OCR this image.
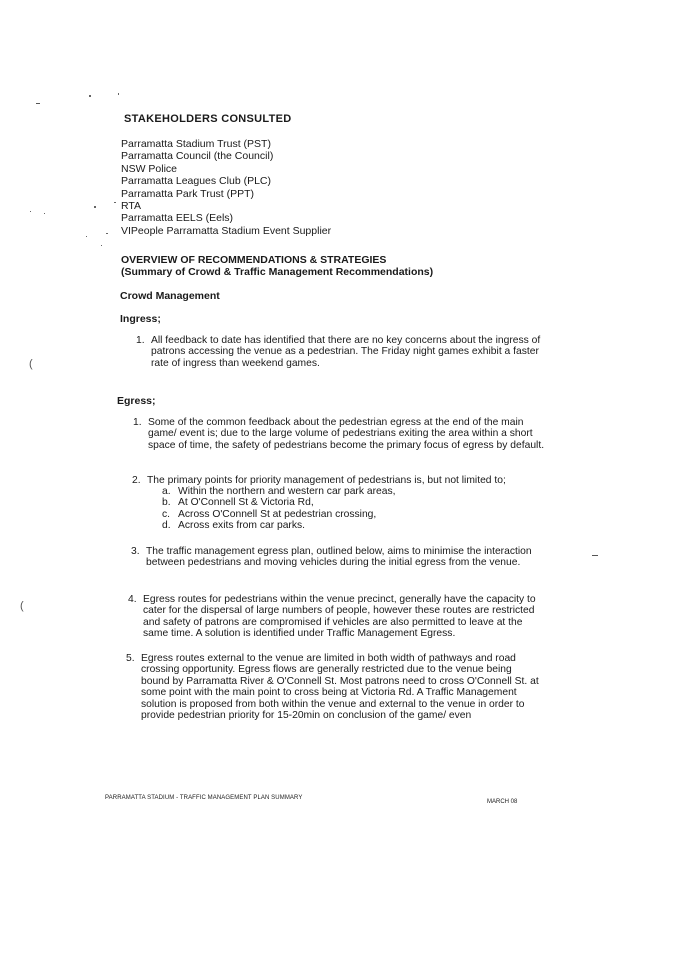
(
(
STAKEHOLDERS CONSULTED
Parramatta Stadium Trust (PST)
Parramatta Council (the Council)
NSW Police
Parramatta Leagues Club (PLC)
Parramatta Park Trust (PPT)
RTA
Parramatta EELS (Eels)
VIPeople Parramatta Stadium Event Supplier
OVERVIEW OF RECOMMENDATIONS & STRATEGIES
(Summary of Crowd & Traffic Management Recommendations)
Crowd Management
Ingress;
1. All feedback to date has identified that there are no key concerns about the ingress of patrons accessing the venue as a pedestrian. The Friday night games exhibit a faster rate of ingress than weekend games.
Egress;
1. Some of the common feedback about the pedestrian egress at the end of the main game/ event is; due to the large volume of pedestrians exiting the area within a short space of time, the safety of pedestrians become the primary focus of egress by default.
2. The primary points for priority management of pedestrians is, but not limited to;
a. Within the northern and western car park areas,
b. At O'Connell St & Victoria Rd,
c. Across O'Connell St at pedestrian crossing,
d. Across exits from car parks.
3. The traffic management egress plan, outlined below, aims to minimise the interaction between pedestrians and moving vehicles during the initial egress from the venue.
4. Egress routes for pedestrians within the venue precinct, generally have the capacity to cater for the dispersal of large numbers of people, however these routes are restricted and safety of patrons are compromised if vehicles are also permitted to leave at the same time. A solution is identified under Traffic Management Egress.
5. Egress routes external to the venue are limited in both width of pathways and road crossing opportunity. Egress flows are generally restricted due to the venue being bound by Parramatta River & O'Connell St. Most patrons need to cross O'Connell St. at some point with the main point to cross being at Victoria Rd. A Traffic Management solution is proposed from both within the venue and external to the venue in order to provide pedestrian priority for 15-20min on conclusion of the game/ even
PARRAMATTA STADIUM - TRAFFIC MANAGEMENT PLAN SUMMARY
MARCH 08
